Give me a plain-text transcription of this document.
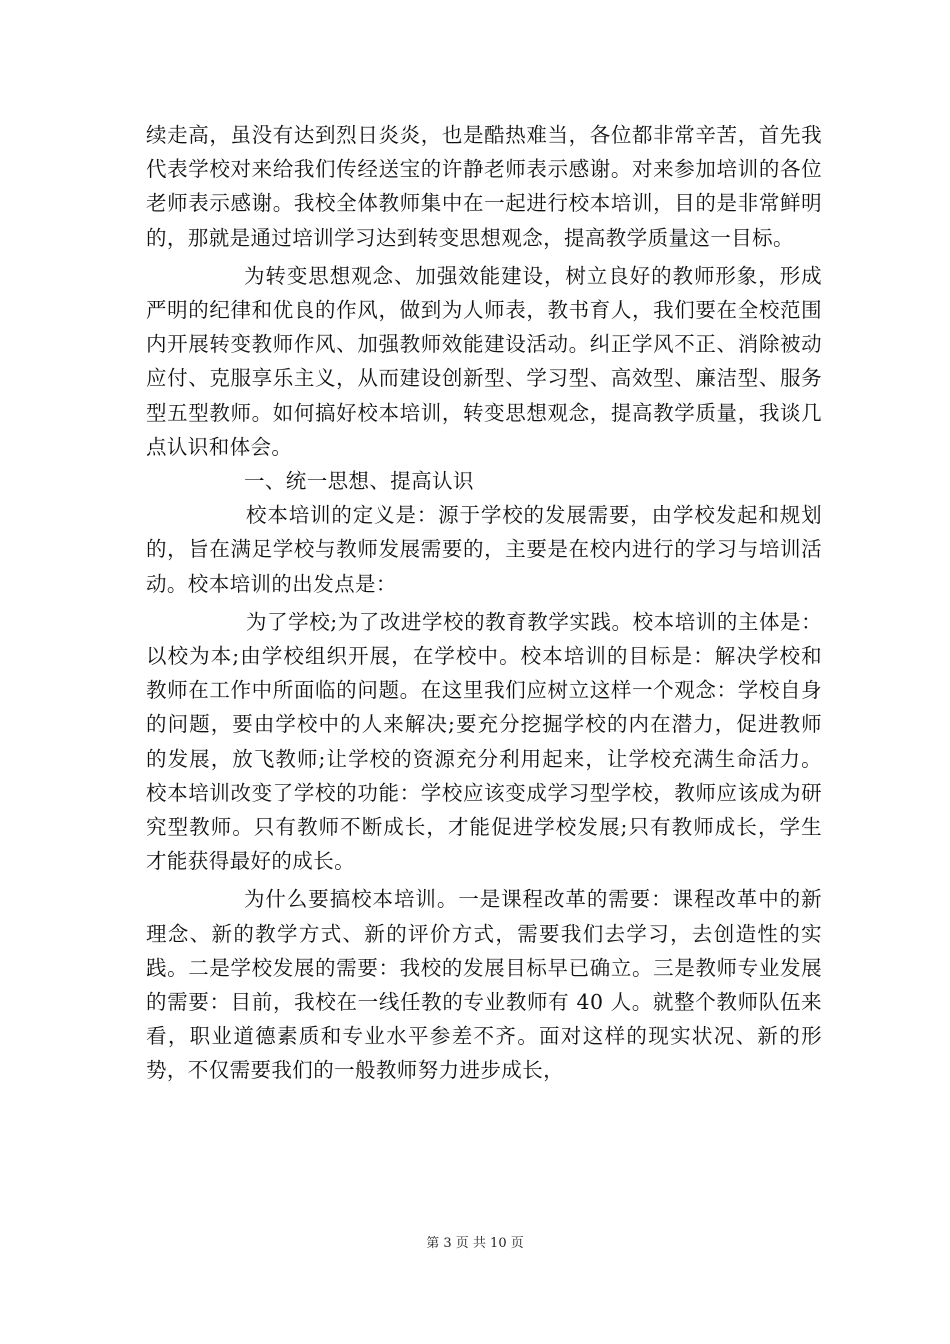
续走高，虽没有达到烈日炎炎，也是酷热难当，各位都非常辛苦，首先我代表学校对来给我们传经送宝的许静老师表示感谢。对来参加培训的各位老师表示感谢。我校全体教师集中在一起进行校本培训，目的是非常鲜明的，那就是通过培训学习达到转变思想观念，提高教学质量这一目标。

为转变思想观念、加强效能建设，树立良好的教师形象，形成严明的纪律和优良的作风，做到为人师表，教书育人，我们要在全校范围内开展转变教师作风、加强教师效能建设活动。纠正学风不正、消除被动应付、克服享乐主义，从而建设创新型、学习型、高效型、廉洁型、服务型五型教师。如何搞好校本培训，转变思想观念，提高教学质量，我谈几点认识和体会。

一、统一思想、提高认识

校本培训的定义是：源于学校的发展需要，由学校发起和规划的，旨在满足学校与教师发展需要的，主要是在校内进行的学习与培训活动。校本培训的出发点是：

为了学校;为了改进学校的教育教学实践。校本培训的主体是：以校为本;由学校组织开展，在学校中。校本培训的目标是：解决学校和教师在工作中所面临的问题。在这里我们应树立这样一个观念：学校自身的问题，要由学校中的人来解决;要充分挖掘学校的内在潜力，促进教师的发展，放飞教师;让学校的资源充分利用起来，让学校充满生命活力。校本培训改变了学校的功能：学校应该变成学习型学校，教师应该成为研究型教师。只有教师不断成长，才能促进学校发展;只有教师成长，学生才能获得最好的成长。

为什么要搞校本培训。一是课程改革的需要：课程改革中的新理念、新的教学方式、新的评价方式，需要我们去学习，去创造性的实践。二是学校发展的需要：我校的发展目标早已确立。三是教师专业发展的需要：目前，我校在一线任教的专业教师有 40 人。就整个教师队伍来看，职业道德素质和专业水平参差不齐。面对这样的现实状况、新的形势，不仅需要我们的一般教师努力进步成长，

第 3 页 共 10 页
